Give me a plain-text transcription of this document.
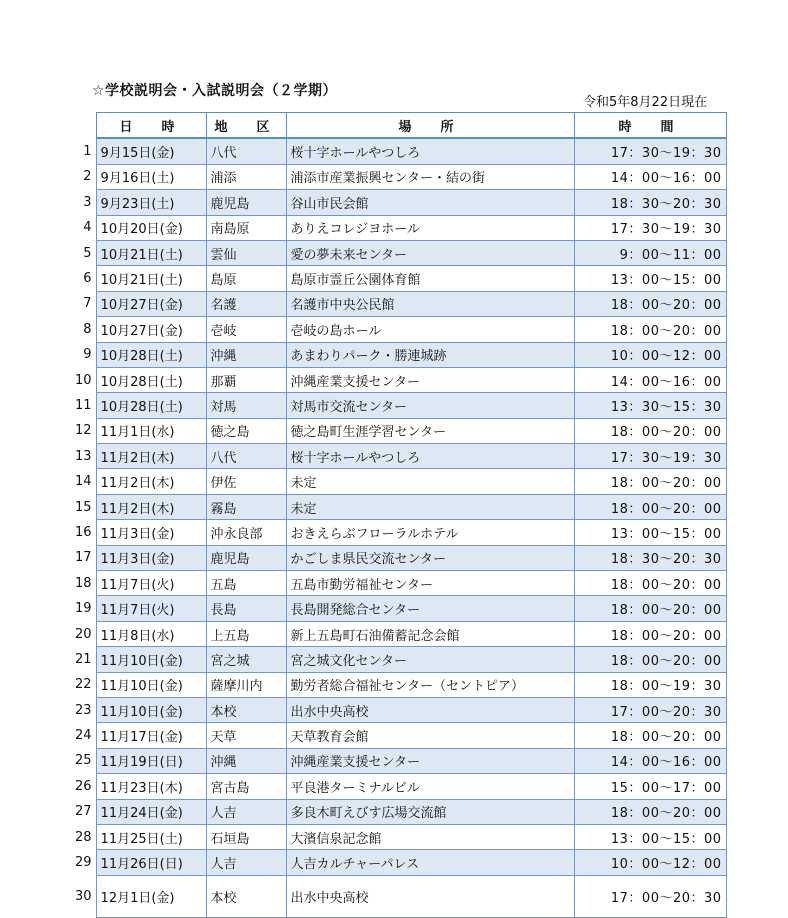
☆学校説明会・入試説明会（２学期）
令和5年8月22日現在
	日　時	地　区	場　所	時　間
1	9月15日(金)	八代	桜十字ホールやつしろ	17：30～19：30
2	9月16日(土)	浦添	浦添市産業振興センター・結の街	14：00～16：00
3	9月23日(土)	鹿児島	谷山市民会館	18：30～20：30
4	10月20日(金)	南島原	ありえコレジヨホール	17：30～19：30
5	10月21日(土)	雲仙	愛の夢未来センター	9：00～11：00
6	10月21日(土)	島原	島原市霊丘公園体育館	13：00～15：00
7	10月27日(金)	名護	名護市中央公民館	18：00～20：00
8	10月27日(金)	壱岐	壱岐の島ホール	18：00～20：00
9	10月28日(土)	沖縄	あまわりパーク・勝連城跡	10：00～12：00
10	10月28日(土)	那覇	沖縄産業支援センター	14：00～16：00
11	10月28日(土)	対馬	対馬市交流センター	13：30～15：30
12	11月1日(水)	徳之島	徳之島町生涯学習センター	18：00～20：00
13	11月2日(木)	八代	桜十字ホールやつしろ	17：30～19：30
14	11月2日(木)	伊佐	未定	18：00～20：00
15	11月2日(木)	霧島	未定	18：00～20：00
16	11月3日(金)	沖永良部	おきえらぶフローラルホテル	13：00～15：00
17	11月3日(金)	鹿児島	かごしま県民交流センター	18：30～20：30
18	11月7日(火)	五島	五島市勤労福祉センター	18：00～20：00
19	11月7日(火)	長島	長島開発総合センター	18：00～20：00
20	11月8日(水)	上五島	新上五島町石油備蓄記念会館	18：00～20：00
21	11月10日(金)	宮之城	宮之城文化センター	18：00～20：00
22	11月10日(金)	薩摩川内	勤労者総合福祉センター（セントピア）	18：00～19：30
23	11月10日(金)	本校	出水中央高校	17：00～20：30
24	11月17日(金)	天草	天草教育会館	18：00～20：00
25	11月19日(日)	沖縄	沖縄産業支援センター	14：00～16：00
26	11月23日(木)	宮古島	平良港ターミナルビル	15：00～17：00
27	11月24日(金)	人吉	多良木町えびす広場交流館	18：00～20：00
28	11月25日(土)	石垣島	大濱信泉記念館	13：00～15：00
29	11月26日(日)	人吉	人吉カルチャーパレス	10：00～12：00
30	12月1日(金)	本校	出水中央高校	17：00～20：30
